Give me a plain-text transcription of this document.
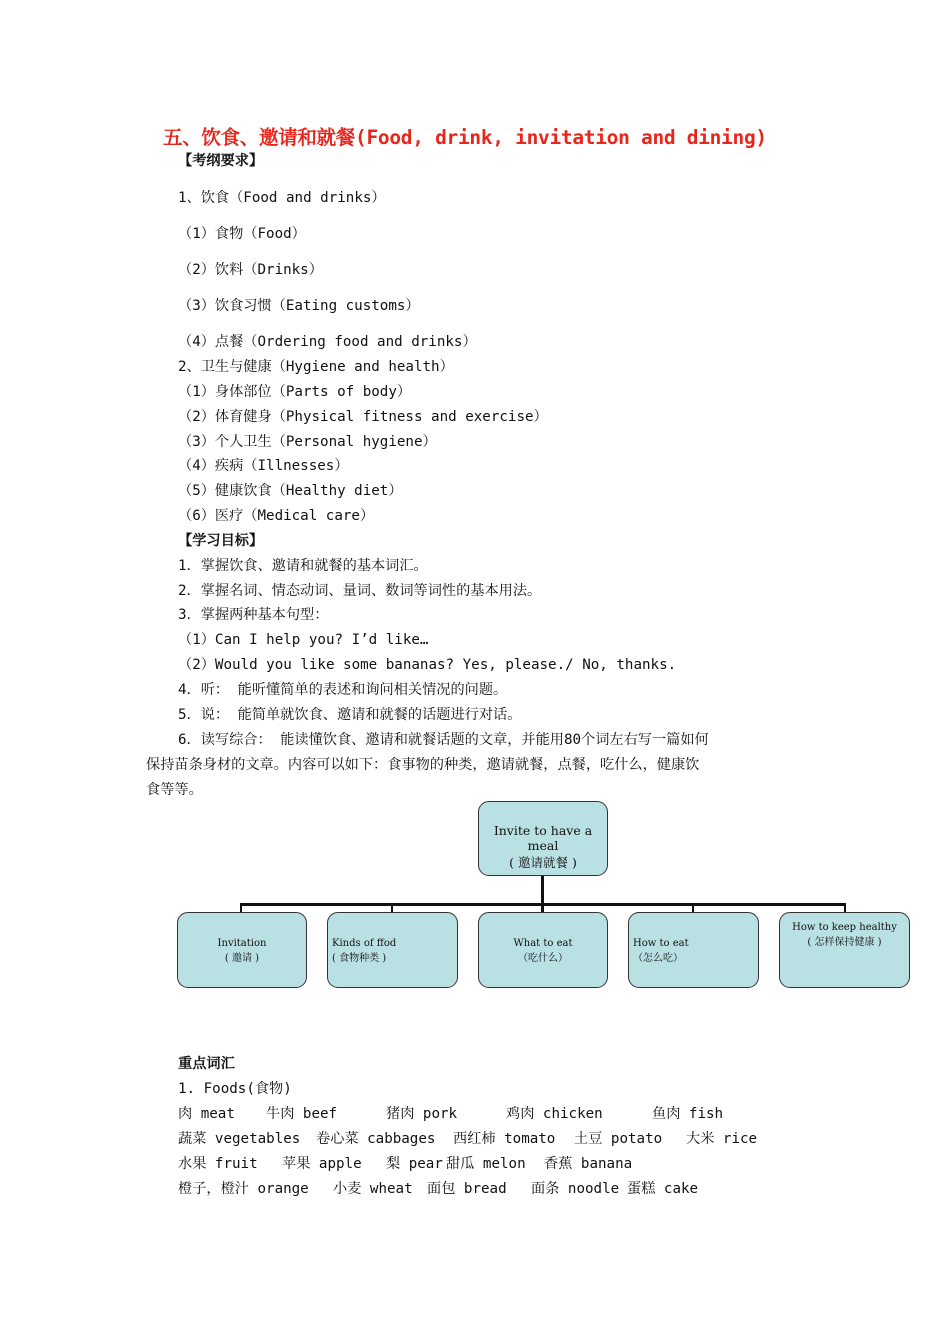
五、饮食、邀请和就餐(Food, drink, invitation and dining)
【考纲要求】
1、饮食（Food and drinks）
（1）食物（Food）
（2）饮料（Drinks）
（3）饮食习惯（Eating customs）
（4）点餐（Ordering food and drinks）
2、卫生与健康（Hygiene and health）
（1）身体部位（Parts of body）
（2）体育健身（Physical fitness and exercise）
（3）个人卫生（Personal hygiene）
（4）疾病（Illnesses）
（5）健康饮食（Healthy diet）
（6）医疗（Medical care）
【学习目标】
1．掌握饮食、邀请和就餐的基本词汇。
2．掌握名词、情态动词、量词、数词等词性的基本用法。
3．掌握两种基本句型：
（1）Can I help you? I’d like…
（2）Would you like some bananas? Yes, please./ No, thanks.
4．听： 能听懂简单的表述和询问相关情况的问题。
5．说： 能简单就饮食、邀请和就餐的话题进行对话。
6．读写综合： 能读懂饮食、邀请和就餐话题的文章，并能用80个词左右写一篇如何
保持苗条身材的文章。内容可以如下：食事物的种类，邀请就餐，点餐，吃什么，健康饮
食等等。
Invite to have a meal
( 邀请就餐 )
Invitation
( 邀请 )
Kinds of ffod
( 食物种类 )
What to eat
（吃什么）
How to eat
（怎么吃）
How to keep healthy
( 怎样保持健康 )
重点词汇
1. Foods(食物)
肉 meat 牛肉 beef	猪肉 pork	鸡肉 chicken	鱼肉 fish
蔬菜 vegetables 卷心菜 cabbages 西红柿 tomato 土豆 potato 大米 rice
水果 fruit 苹果 apple 梨 pear 甜瓜 melon 香蕉 banana
橙子，橙汁 orange 小麦 wheat 面包 bread 面条 noodle 蛋糕 cake
